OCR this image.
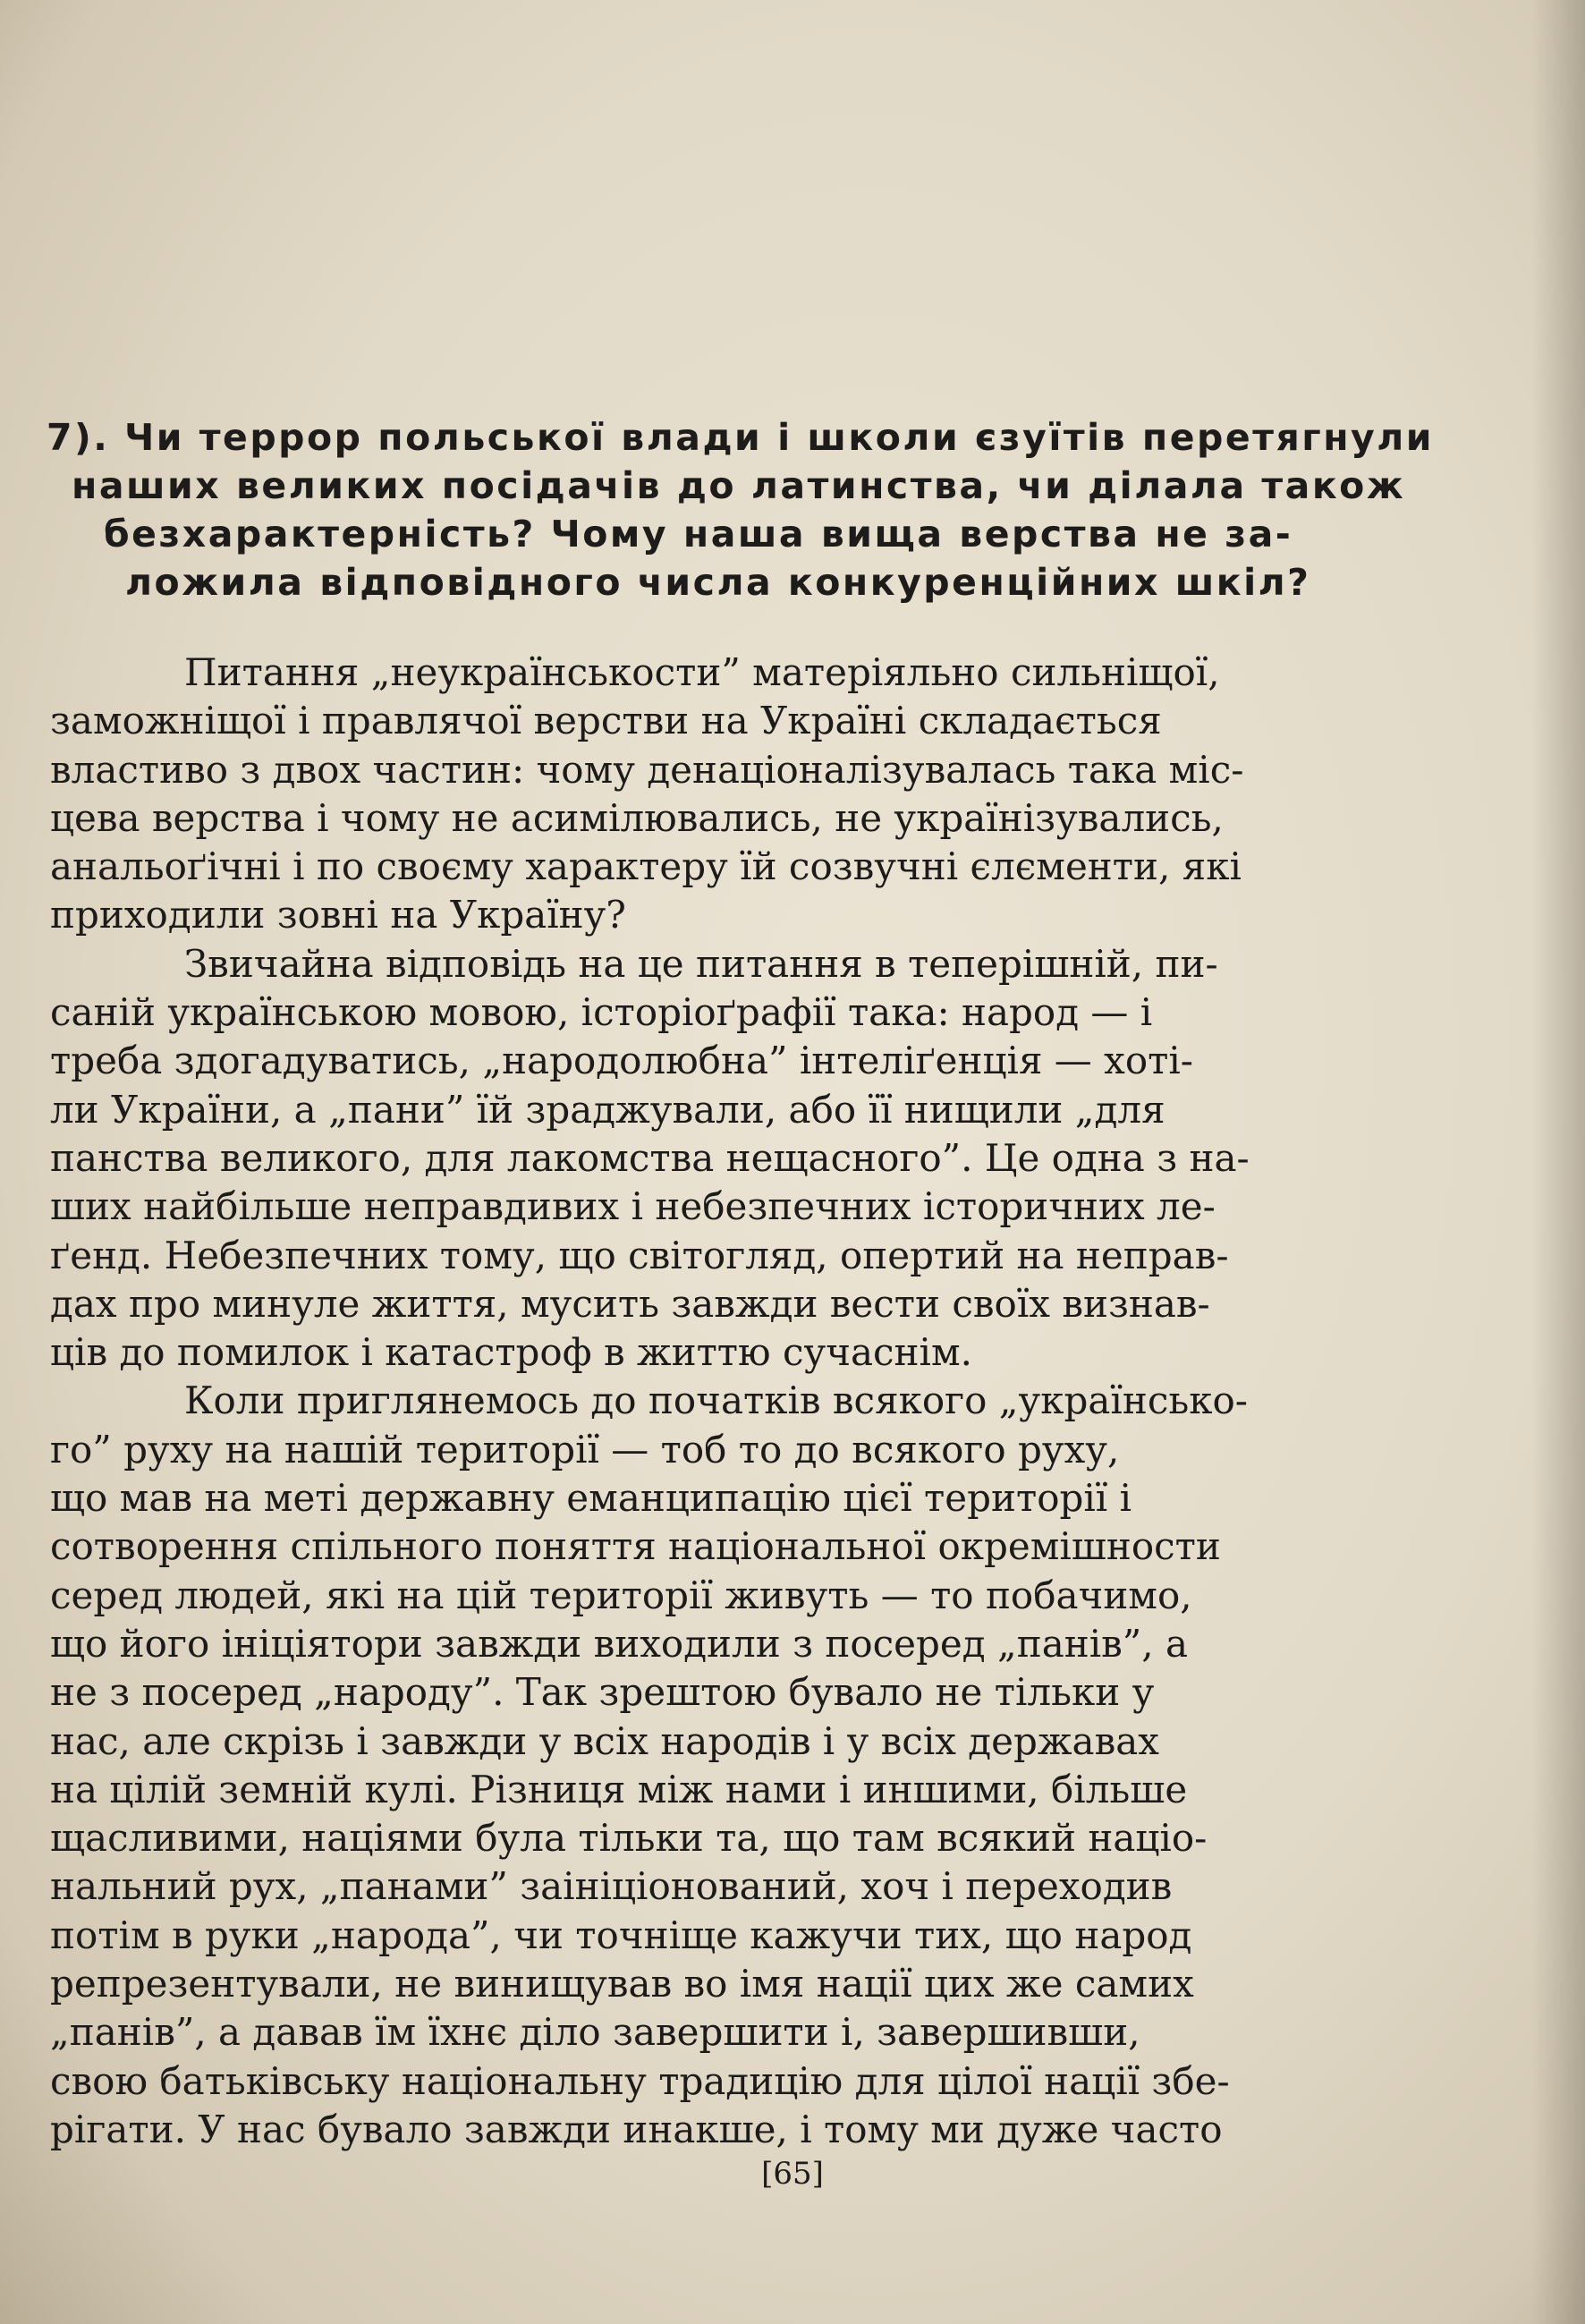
7). Чи террор польської влади і школи єзуїтів перетягнули
наших великих посідачів до латинства, чи ділала також
безхарактерність? Чому наша вища верства не за-
ложила відповідного числа конкуренційних шкіл?
Питання „неукраїнськости” матеріяльно сильніщої,
заможніщої і правлячої верстви на Україні складається
властиво з двох частин: чому денаціоналізувалась така міс-
цева верства і чому не асимілювались, не українізувались,
анальоґічні і по своєму характеру їй созвучні єлєменти, які
приходили зовні на Україну?
Звичайна відповідь на це питання в теперішній, пи-
саній українською мовою, історіоґрафії така: народ — і
треба здогадуватись, „народолюбна” інтеліґенція — хоті-
ли України, а „пани” їй зраджували, або її нищили „для
панства великого, для лакомства нещасного”. Це одна з на-
ших найбільше неправдивих і небезпечних історичних ле-
ґенд. Небезпечних тому, що світогляд, опертий на неправ-
дах про минуле життя, мусить завжди вести своїх визнав-
ців до помилок і катастроф в життю сучаснім.
Коли приглянемось до початків всякого „українсько-
го” руху на нашій території — тоб то до всякого руху,
що мав на меті державну еманципацію цієї території і
сотворення спільного поняття національної окремішности
серед людей, які на цій території живуть — то побачимо,
що його ініціятори завжди виходили з посеред „панів”, а
не з посеред „народу”. Так зрештою бувало не тільки у
нас, але скрізь і завжди у всіх народів і у всіх державах
на цілій земній кулі. Різниця між нами і иншими, більше
щасливими, націями була тільки та, що там всякий націо-
нальний рух, „панами” заініціонований, хоч і переходив
потім в руки „народа”, чи точніще кажучи тих, що народ
репрезентували, не винищував во імя нації цих же самих
„панів”, а давав їм їхнє діло завершити і, завершивши,
свою батьківську національну традицію для цілої нації збе-
рігати. У нас бувало завжди инакше, і тому ми дуже часто
[65]
